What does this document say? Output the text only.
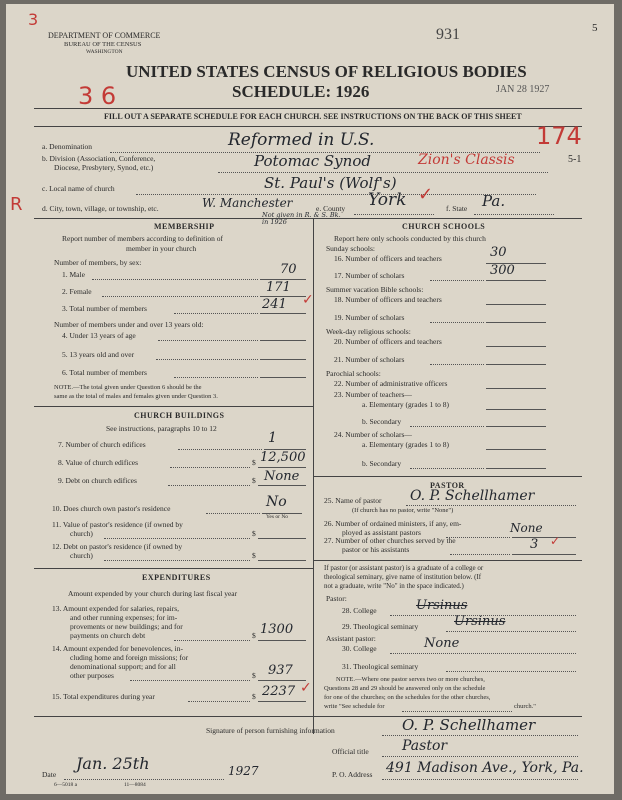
3
DEPARTMENT OF COMMERCE
BUREAU OF THE CENSUS
WASHINGTON
931	5
UNITED STATES CENSUS OF RELIGIOUS BODIES
3 6	SCHEDULE: 1926	JAN 28 1927
FILL OUT A SEPARATE SCHEDULE FOR EACH CHURCH. SEE INSTRUCTIONS ON THE BACK OF THIS SHEET
a. Denomination	Reformed in U.S.	174
b. Division (Association, Conference,
Diocese, Presbytery, Synod, etc.)	Potomac Synod	Zion's Classis	5-1
c. Local name of church	St. Paul's (Wolf's)
R	d. City, town, village, or township, etc.	W. Manchester	e. County York ✓
f. State Pa.
Not given in R. & S. Bk. in 1926
MEMBERSHIP
Report number of members according to definition of
member in your church
Number of members, by sex:
1. Male	70
2. Female	171
3. Total number of members	241 ✓
Number of members under and over 13 years old:
4. Under 13 years of age
5. 13 years old and over
6. Total number of members
NOTE.—The total given under Question 6 should be the
same as the total of males and females given under Question 3.
CHURCH BUILDINGS
See instructions, paragraphs 10 to 12
7. Number of church edifices	1
8. Value of church edifices	$ 12,500
9. Debt on church edifices	$ None
10. Does church own pastor's residence	No
Yes or No
11. Value of pastor's residence (if owned by
church)	$
12. Debt on pastor's residence (if owned by
church)	$
EXPENDITURES
Amount expended by your church during last fiscal year
13. Amount expended for salaries, repairs,
and other running expenses; for im-
provements or new buildings; and for
payments on church debt	$ 1300
14. Amount expended for benevolences, in-
cluding home and foreign missions; for
denominational support; and for all
other purposes	$ 937
15. Total expenditures during year	$ 2237 ✓
CHURCH SCHOOLS
Report here only schools conducted by this church
Sunday schools:
16. Number of officers and teachers	30
17. Number of scholars	300
Summer vacation Bible schools:
18. Number of officers and teachers
19. Number of scholars
Week-day religious schools:
20. Number of officers and teachers
21. Number of scholars
Parochial schools:
22. Number of administrative officers
23. Number of teachers—
a. Elementary (grades 1 to 8)
b. Secondary
24. Number of scholars—
a. Elementary (grades 1 to 8)
b. Secondary
PASTOR
25. Name of pastor O. P. Schellhamer
(If church has no pastor, write "None")
26. Number of ordained ministers, if any, em-
ployed as assistant pastors	None
27. Number of other churches served by the
pastor or his assistants	3 ✓
If pastor (or assistant pastor) is a graduate of a college or
theological seminary, give name of institution below. (If
not a graduate, write "No" in the space indicated.)
Pastor:
28. College	Ursinus
29. Theological seminary	Ursinus
Assistant pastor:
30. College	None
31. Theological seminary
NOTE.—Where one pastor serves two or more churches,
Questions 28 and 29 should be answered only on the schedule
for one of the churches; on the schedules for the other churches,
write "See schedule for	church."
Signature of person furnishing information	O. P. Schellhamer
Official title Pastor
Date
Jan. 25th	1927
6—5018 a	11—8084
P. O. Address 491 Madison Ave., York, Pa.
